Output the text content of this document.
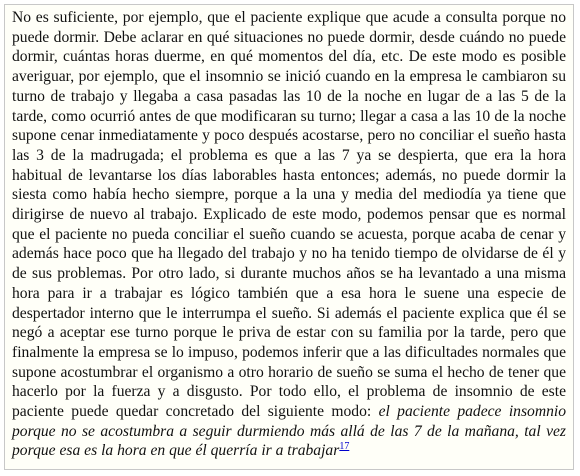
No es suficiente, por ejemplo, que el paciente explique que acude a consulta porque no puede dormir. Debe aclarar en qué situaciones no puede dormir, desde cuándo no puede dormir, cuántas horas duerme, en qué momentos del día, etc. De este modo es posible averiguar, por ejemplo, que el insomnio se inició cuando en la empresa le cambiaron su turno de trabajo y llegaba a casa pasadas las 10 de la noche en lugar de a las 5 de la tarde, como ocurrió antes de que modificaran su turno; llegar a casa a las 10 de la noche supone cenar inmediatamente y poco después acostarse, pero no conciliar el sueño hasta las 3 de la madrugada; el problema es que a las 7 ya se despierta, que era la hora habitual de levantarse los días laborables hasta entonces; además, no puede dormir la siesta como había hecho siempre, porque a la una y media del mediodía ya tiene que dirigirse de nuevo al trabajo. Explicado de este modo, podemos pensar que es normal que el paciente no pueda conciliar el sueño cuando se acuesta, porque acaba de cenar y además hace poco que ha llegado del trabajo y no ha tenido tiempo de olvidarse de él y de sus problemas. Por otro lado, si durante muchos años se ha levantado a una misma hora para ir a trabajar es lógico también que a esa hora le suene una especie de despertador interno que le interrumpa el sueño. Si además el paciente explica que él se negó a aceptar ese turno porque le priva de estar con su familia por la tarde, pero que finalmente la empresa se lo impuso, podemos inferir que a las dificultades normales que supone acostumbrar el organismo a otro horario de sueño se suma el hecho de tener que hacerlo por la fuerza y a disgusto. Por todo ello, el problema de insomnio de este paciente puede quedar concretado del siguiente modo: el paciente padece insomnio porque no se acostumbra a seguir durmiendo más allá de las 7 de la mañana, tal vez porque esa es la hora en que él querría ir a trabajar$^{17}$
